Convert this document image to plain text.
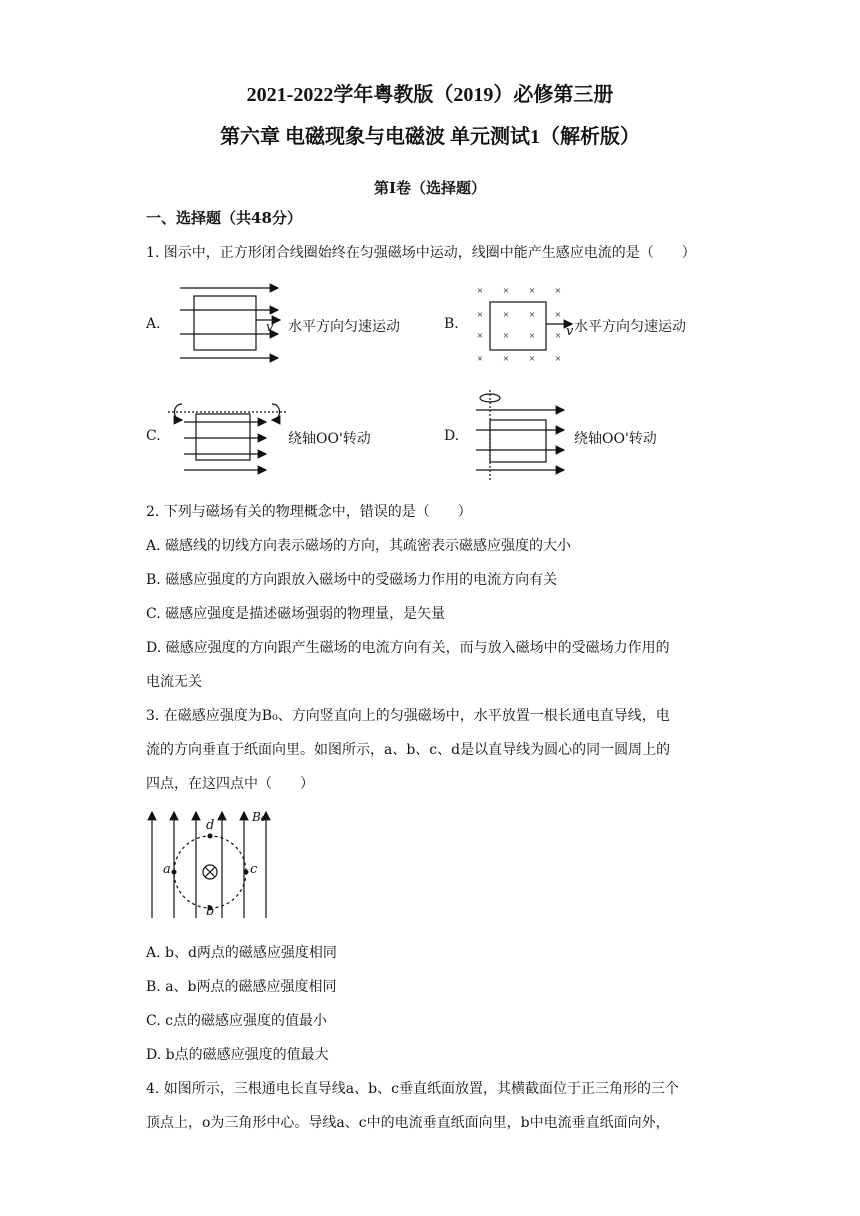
2021-2022学年粤教版（2019）必修第三册
第六章 电磁现象与电磁波 单元测试1（解析版）
第Ⅰ卷（选择题）
一、选择题（共48分）
1. 图示中，正方形闭合线圈始终在匀强磁场中运动，线圈中能产生感应电流的是（　　）
A.	v 水平方向匀速运动	B.
× × × ×
× × × ×
× × × ×
× × × ×
v 水平方向匀速运动
C.	绕轴OO'转动	D.	绕轴OO'转动
2. 下列与磁场有关的物理概念中，错误的是（　　）
A. 磁感线的切线方向表示磁场的方向，其疏密表示磁感应强度的大小
B. 磁感应强度的方向跟放入磁场中的受磁场力作用的电流方向有关
C. 磁感应强度是描述磁场强弱的物理量，是矢量
D. 磁感应强度的方向跟产生磁场的电流方向有关，而与放入磁场中的受磁场力作用的
电流无关
3. 在磁感应强度为B₀、方向竖直向上的匀强磁场中，水平放置一根长通电直导线，电
流的方向垂直于纸面向里。如图所示，a、b、c、d是以直导线为圆心的同一圆周上的
四点，在这四点中（　　）
a	c
d
b
B₀
A. b、d两点的磁感应强度相同
B. a、b两点的磁感应强度相同
C. c点的磁感应强度的值最小
D. b点的磁感应强度的值最大
4. 如图所示，三根通电长直导线a、b、c垂直纸面放置，其横截面位于正三角形的三个
顶点上，o为三角形中心。导线a、c中的电流垂直纸面向里，b中电流垂直纸面向外，
